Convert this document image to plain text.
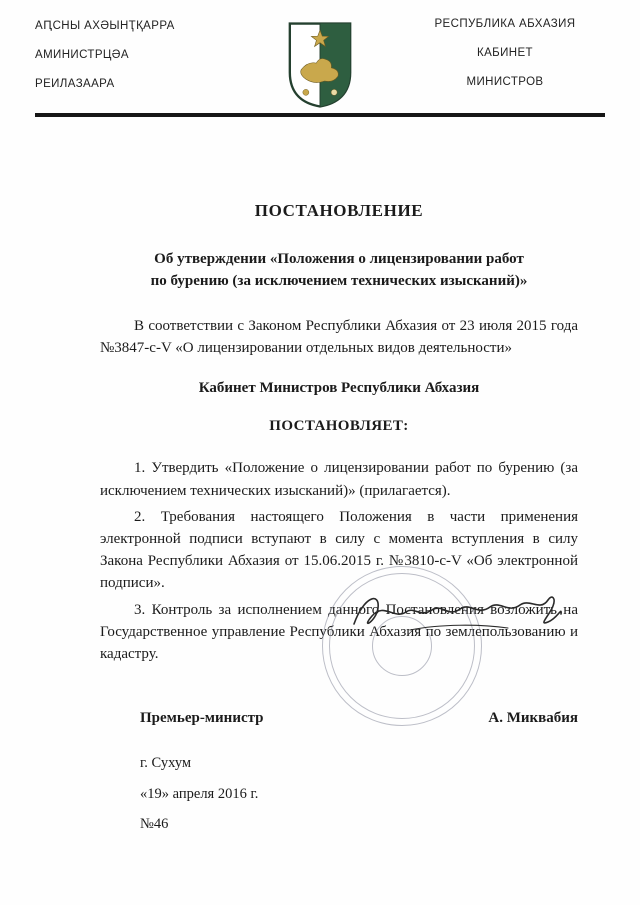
АԤСНЫ АХӘЫНҬҚАРРА
АМИНИСТРЦӘА
РЕИЛАЗААРА
РЕСПУБЛИКА АБХАЗИЯ
КАБИНЕТ
МИНИСТРОВ
ПОСТАНОВЛЕНИЕ
Об утверждении «Положения о лицензировании работ
по бурению (за исключением технических изысканий)»

В соответствии с Законом Республики Абхазия от 23 июля 2015 года №3847-с-V «О лицензировании отдельных видов деятельности»

Кабинет Министров Республики Абхазия
ПОСТАНОВЛЯЕТ:

1. Утвердить «Положение о лицензировании работ по бурению (за исключением технических изысканий)» (прилагается).

2. Требования настоящего Положения в части применения электронной подписи вступают в силу с момента вступления в силу Закона Республики Абхазия от 15.06.2015 г. №3810-с-V «Об электронной подписи».

3. Контроль за исполнением данного Постановления возложить на Государственное управление Республики Абхазия по землепользованию и кадастру.

Премьер-министр	А. Миквабия
г. Сухум
«19» апреля 2016 г.
№46
